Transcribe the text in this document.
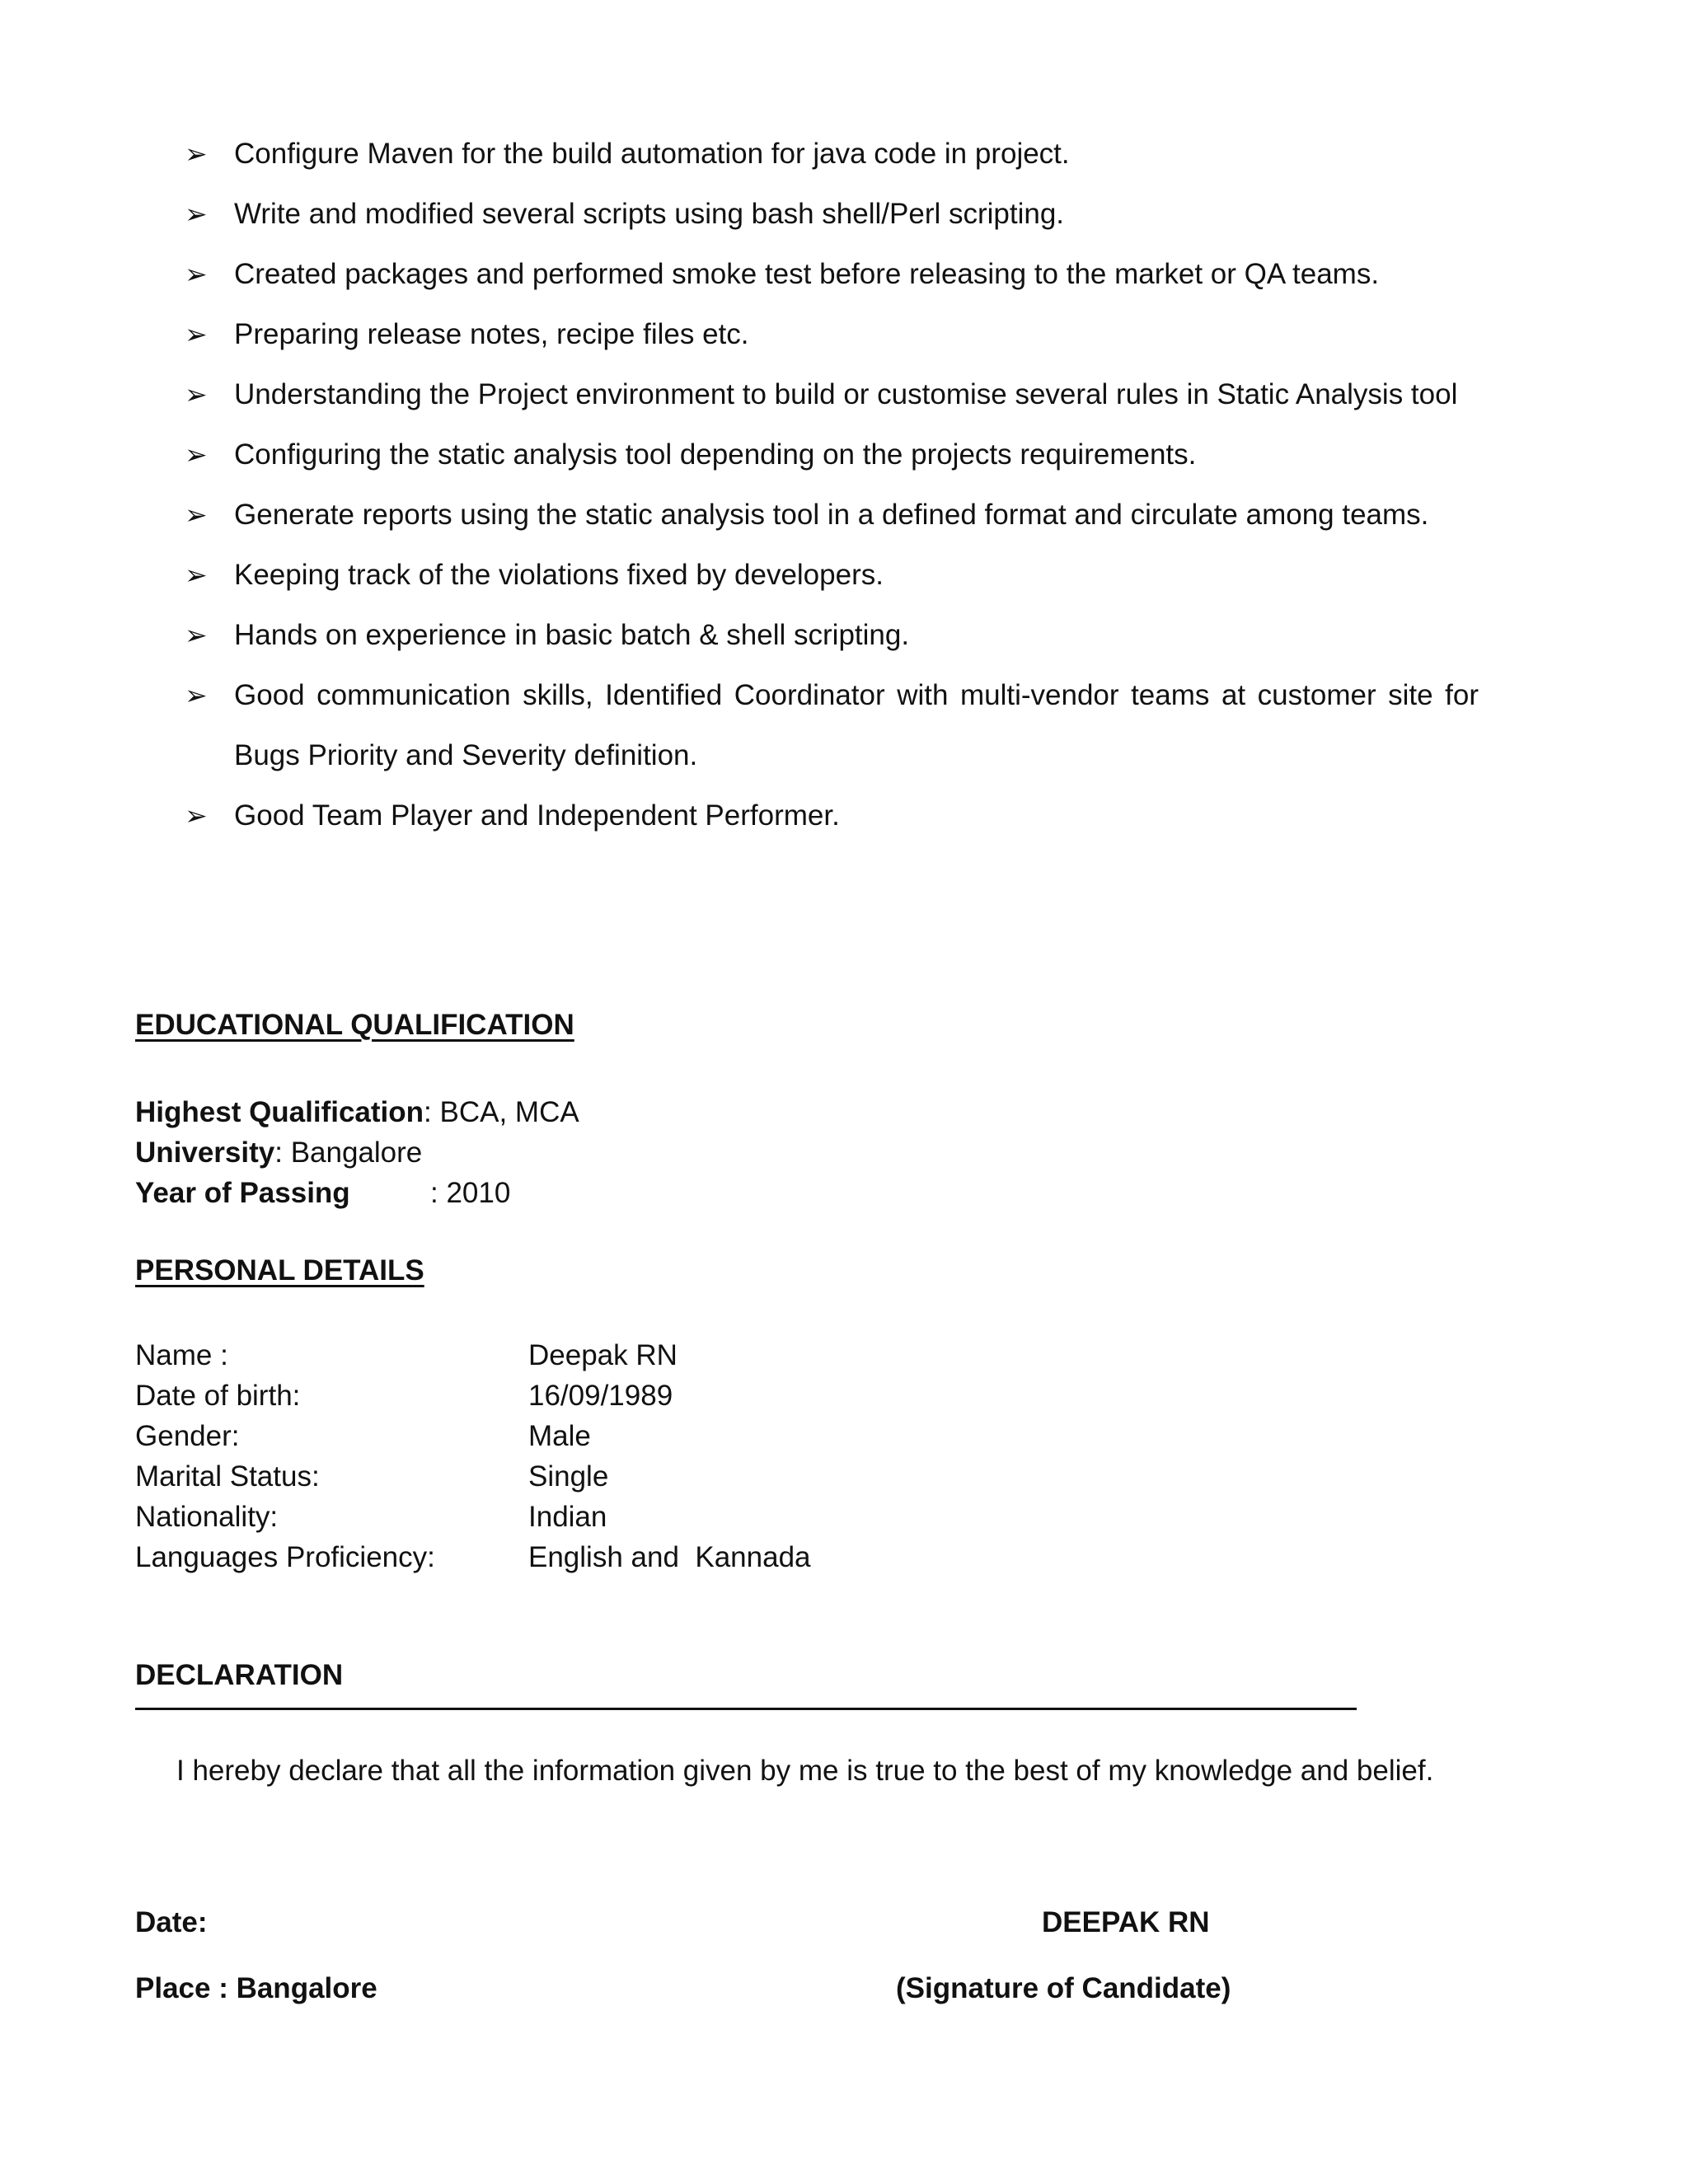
➢ Configure Maven for the build automation for java code in project.
➢ Write and modified several scripts using bash shell/Perl scripting.
➢ Created packages and performed smoke test before releasing to the market or QA teams.
➢ Preparing release notes, recipe files etc.
➢ Understanding the Project environment to build or customise several rules in Static Analysis tool
➢ Configuring the static analysis tool depending on the projects requirements.
➢ Generate reports using the static analysis tool in a defined format and circulate among teams.
➢ Keeping track of the violations fixed by developers.
➢ Hands on experience in basic batch & shell scripting.
➢ Good communication skills, Identified Coordinator with multi-vendor teams at customer site for Bugs Priority and Severity definition.
➢ Good Team Player and Independent Performer.
EDUCATIONAL QUALIFICATION
Highest Qualification: BCA, MCA
University: Bangalore
Year of Passing	: 2010
PERSONAL DETAILS
Name :	Deepak RN
Date of birth:	16/09/1989
Gender:	Male
Marital Status:	Single
Nationality:	Indian
Languages Proficiency:	English and  Kannada
DECLARATION

I hereby declare that all the information given by me is true to the best of my knowledge and belief.

Date:
Place : Bangalore
DEEPAK RN
(Signature of Candidate)
